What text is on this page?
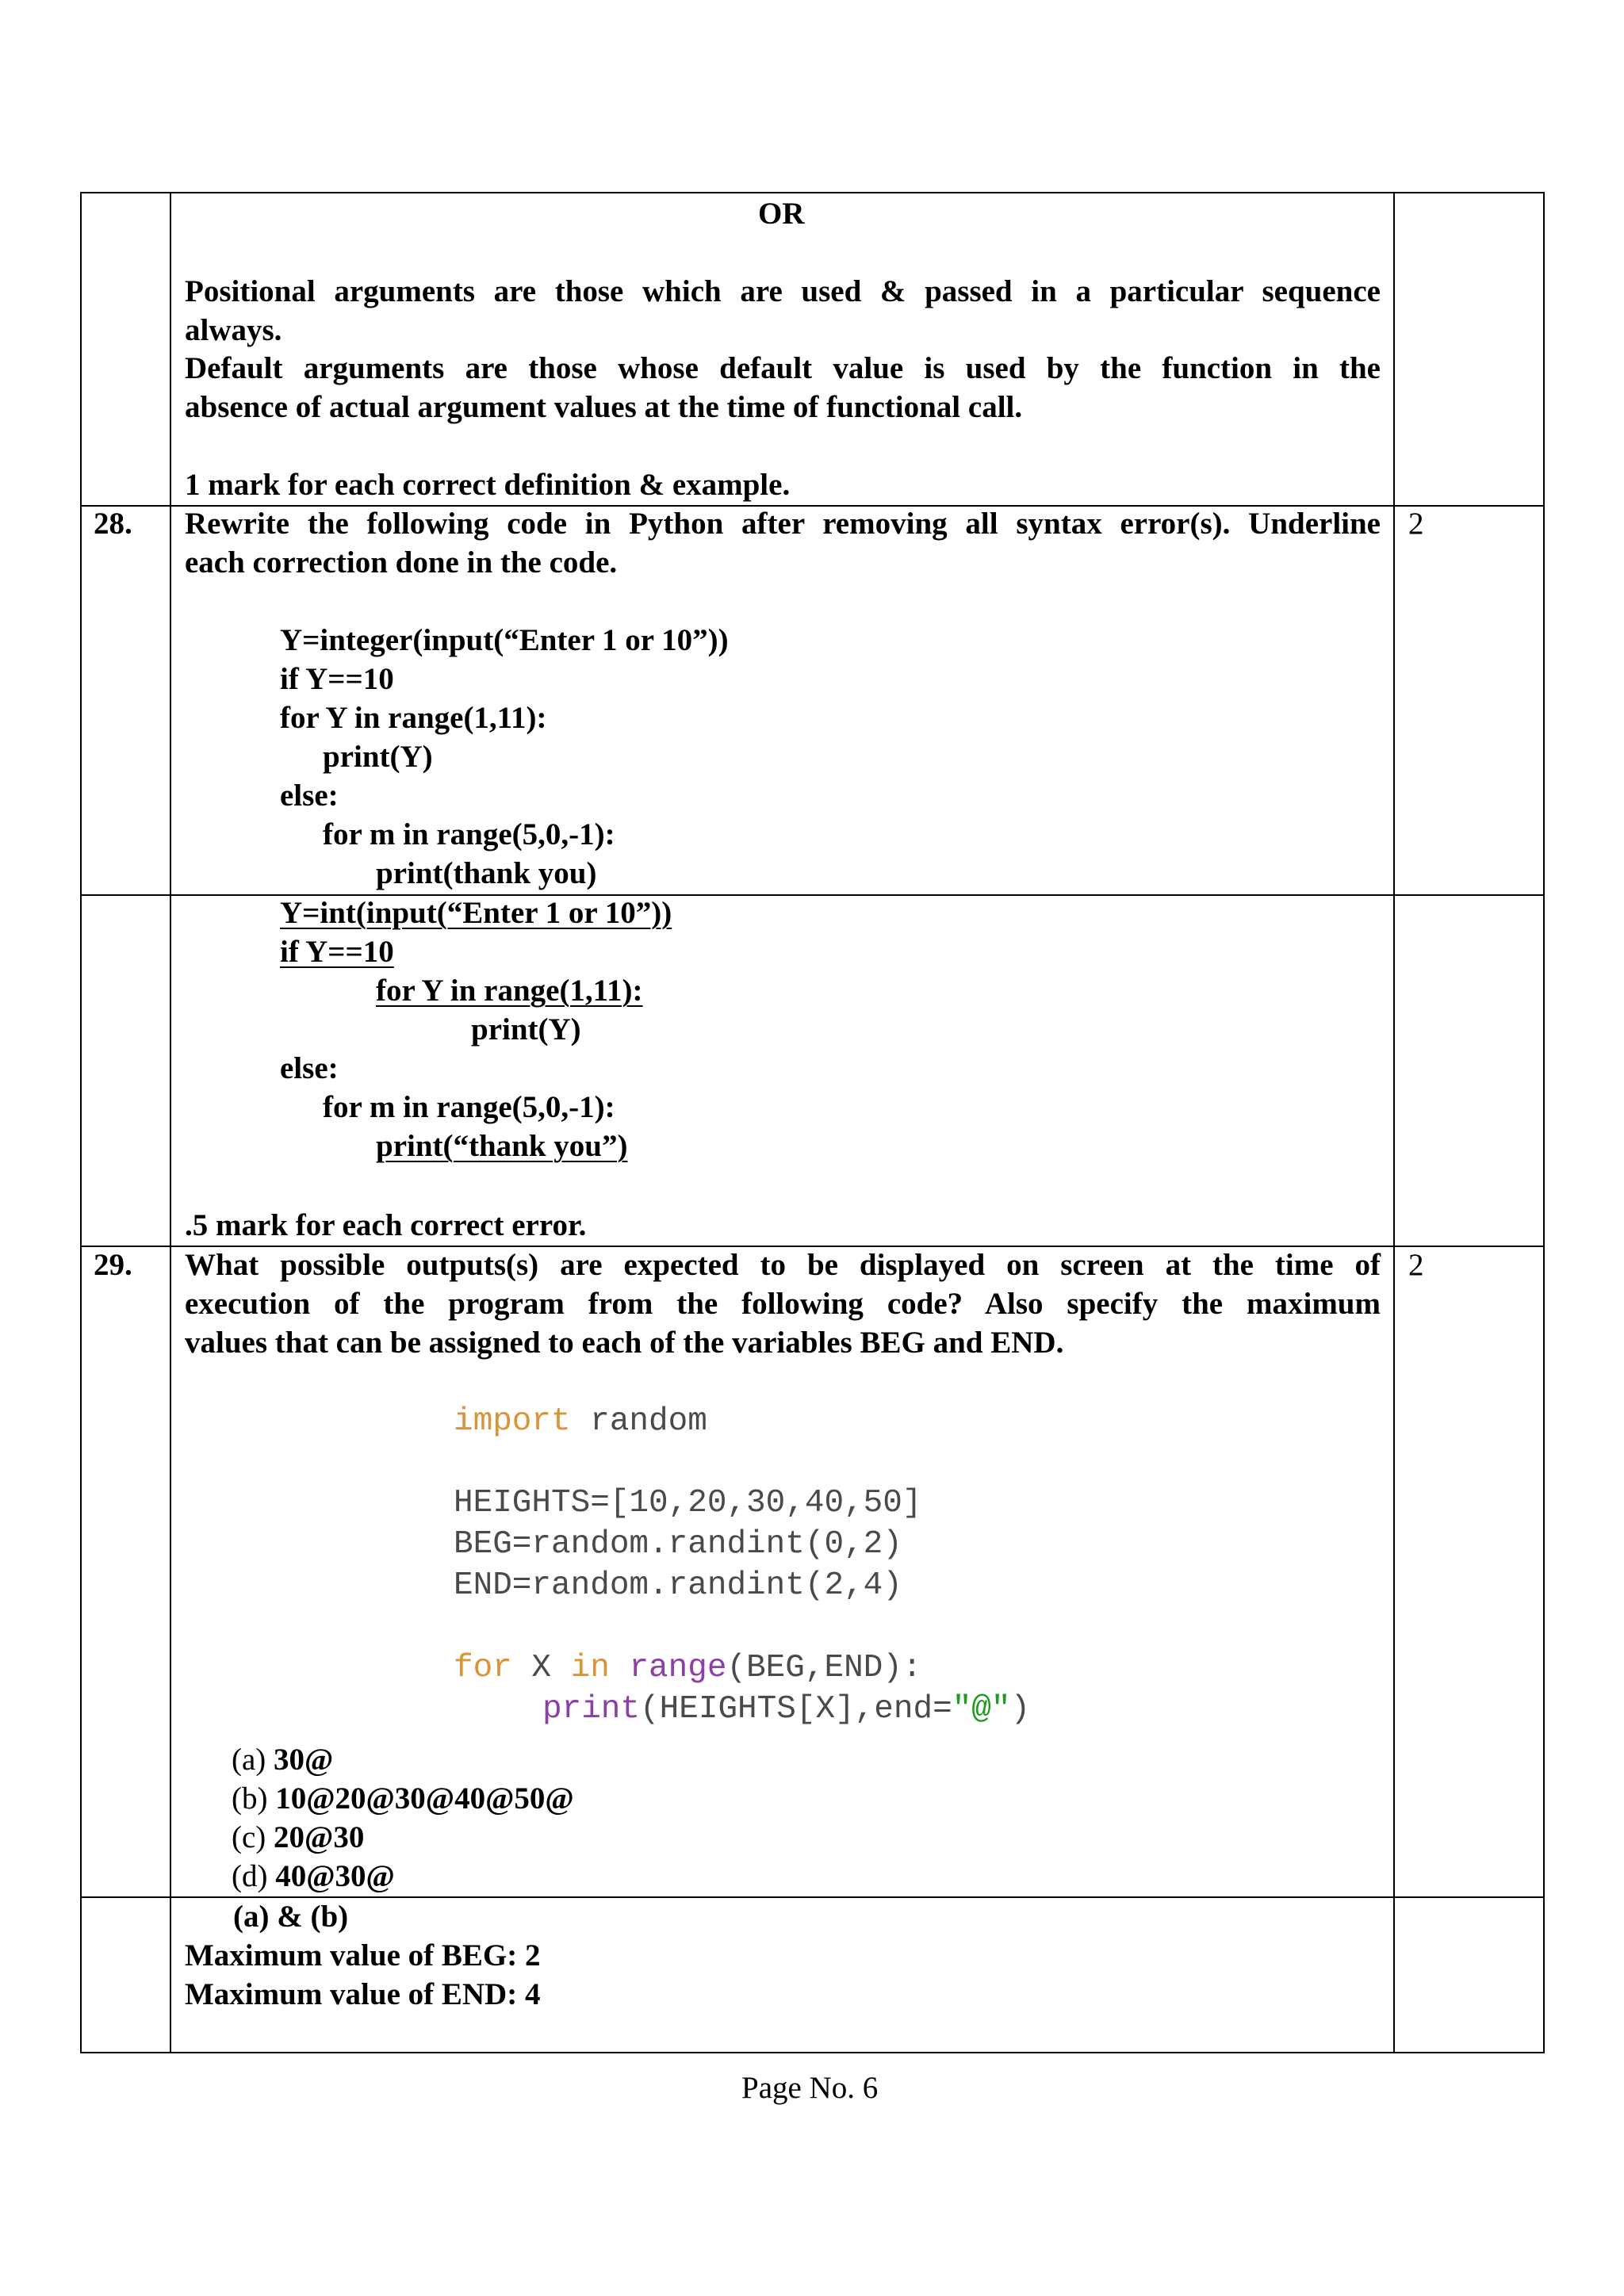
OR
Positional arguments are those which are used & passed in a particular sequence
always.
Default arguments are those whose default value is used by the function in the
absence of actual argument values at the time of functional call.
1 mark for each correct definition & example.
28. Rewrite the following code in Python after removing all syntax error(s). Underline
each correction done in the code.
2
Y=integer(input(“Enter 1 or 10”))
if Y==10
for Y in range(1,11):
print(Y)
else:
for m in range(5,0,-1):
print(thank you)
Y=int(input(“Enter 1 or 10”))
if Y==10
for Y in range(1,11):
print(Y)
else:
for m in range(5,0,-1):
print(“thank you”)
.5 mark for each correct error.
29. What possible outputs(s) are expected to be displayed on screen at the time of
execution of the program from the following code? Also specify the maximum
values that can be assigned to each of the variables BEG and END.
2
import random
HEIGHTS=[10,20,30,40,50]
BEG=random.randint(0,2)
END=random.randint(2,4)
for X in range(BEG,END):
print(HEIGHTS[X],end="@")
(a) 30@
(b) 10@20@30@40@50@
(c) 20@30
(d) 40@30@
(a) & (b)
Maximum value of BEG: 2
Maximum value of END: 4
Page No. 6
